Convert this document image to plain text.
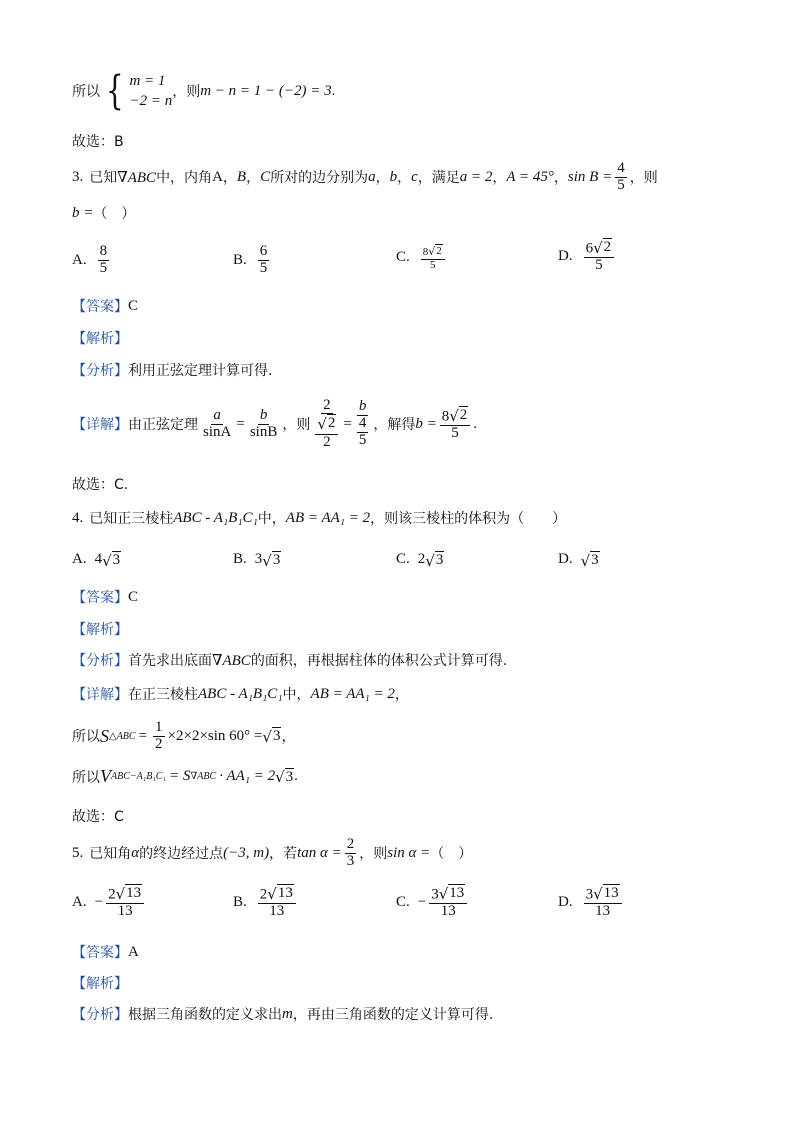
所以 { m = 1
−2 = n
，则 m − n = 1 − (−2) = 3 .
故选：B
3. 已知 ∇ABC 中，内角 A ， B ， C 所对的边分别为 a ， b ， c ，满足 a = 2 ， A = 45° ， $\sin B = \frac{4}{5}$ ，则
b = （　）
A. $\frac{8}{5}$	B. $\frac{6}{5}$	C. $\frac{8 √ 2}{5}$	D. $\frac{6 √ 2}{5}$
【答案】 C
【解析】
【分析】 利用正弦定理计算可得.
【详解】 由正弦定理 $\frac{a}{\sin A} = \frac{b}{\sin B}$ ，则 $\frac{2}{\frac{√ 2}{2}} = \frac{b}{\frac{4}{5}}$ ，解得 $b = \frac{8 √ 2}{5}$ .
故选：C.
4. 已知正三棱柱 ABC - A₁B₁C₁ 中， AB = AA₁ = 2 ，则该三棱柱的体积为（　　）
A. 4 √ 3	B. 3 √ 3	C. 2 √ 3	D. √ 3
【答案】 C
【解析】
【分析】 首先求出底面 ∇ABC 的面积，再根据柱体的体积公式计算可得.
【详解】 在正三棱柱 ABC - A₁B₁C₁ 中， AB = AA₁ = 2 ，
所以 S △ABC = $\frac{1}{2} \times 2\times 2\times\sin$ 60° = √ 3 ，
所以 V ABC−A₁B₁C₁ = S ∇ABC · AA₁ = 2 √ 3 .
故选：C
5. 已知角 α 的终边经过点 (−3, m) ，若 $\tan \alpha = \frac{2}{3}$ ，则 sin α = （　）
A. − $\frac{2 √ 13}{13}$	B. $\frac{2 √ 13}{13}$	C. − $\frac{3 √ 13}{13}$	D. $\frac{3 √ 13}{13}$
【答案】 A
【解析】
【分析】 根据三角函数的定义求出 m ，再由三角函数的定义计算可得.
